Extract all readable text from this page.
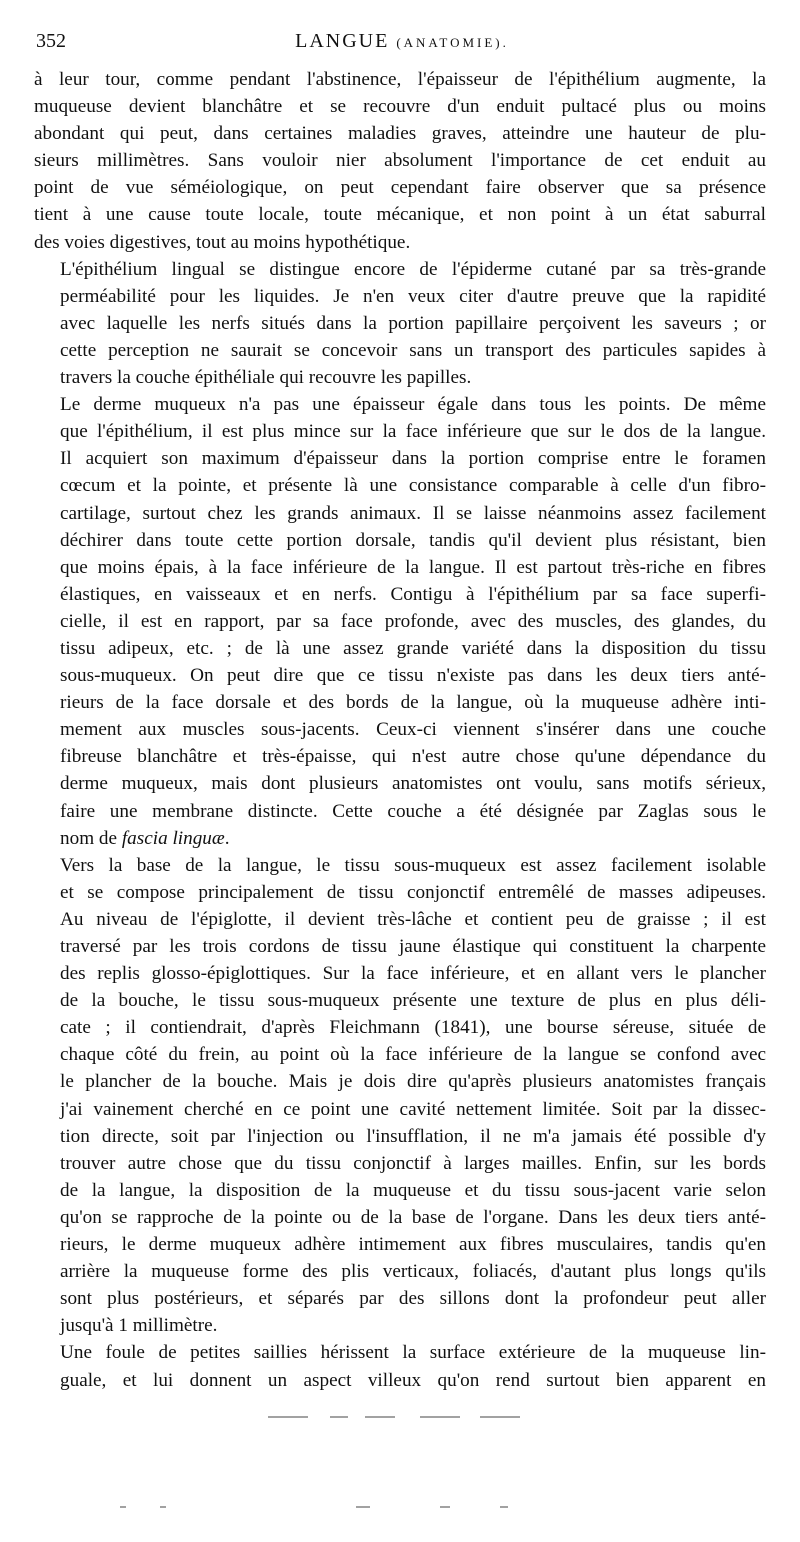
352	LANGUE (ANATOMIE).

à leur tour, comme pendant l'abstinence, l'épaisseur de l'épithélium augmente, la
muqueuse devient blanchâtre et se recouvre d'un enduit pultacé plus ou moins
abondant qui peut, dans certaines maladies graves, atteindre une hauteur de plu-
sieurs millimètres. Sans vouloir nier absolument l'importance de cet enduit au
point de vue séméiologique, on peut cependant faire observer que sa présence
tient à une cause toute locale, toute mécanique, et non point à un état saburral
des voies digestives, tout au moins hypothétique.

L'épithélium lingual se distingue encore de l'épiderme cutané par sa très-grande
perméabilité pour les liquides. Je n'en veux citer d'autre preuve que la rapidité
avec laquelle les nerfs situés dans la portion papillaire perçoivent les saveurs ; or
cette perception ne saurait se concevoir sans un transport des particules sapides à
travers la couche épithéliale qui recouvre les papilles.

Le derme muqueux n'a pas une épaisseur égale dans tous les points. De même
que l'épithélium, il est plus mince sur la face inférieure que sur le dos de la langue.
Il acquiert son maximum d'épaisseur dans la portion comprise entre le foramen
cœcum et la pointe, et présente là une consistance comparable à celle d'un fibro-
cartilage, surtout chez les grands animaux. Il se laisse néanmoins assez facilement
déchirer dans toute cette portion dorsale, tandis qu'il devient plus résistant, bien
que moins épais, à la face inférieure de la langue. Il est partout très-riche en fibres
élastiques, en vaisseaux et en nerfs. Contigu à l'épithélium par sa face superfi-
cielle, il est en rapport, par sa face profonde, avec des muscles, des glandes, du
tissu adipeux, etc. ; de là une assez grande variété dans la disposition du tissu
sous-muqueux. On peut dire que ce tissu n'existe pas dans les deux tiers anté-
rieurs de la face dorsale et des bords de la langue, où la muqueuse adhère inti-
mement aux muscles sous-jacents. Ceux-ci viennent s'insérer dans une couche
fibreuse blanchâtre et très-épaisse, qui n'est autre chose qu'une dépendance du
derme muqueux, mais dont plusieurs anatomistes ont voulu, sans motifs sérieux,
faire une membrane distincte. Cette couche a été désignée par Zaglas sous le
nom de fascia linguæ.

Vers la base de la langue, le tissu sous-muqueux est assez facilement isolable
et se compose principalement de tissu conjonctif entremêlé de masses adipeuses.
Au niveau de l'épiglotte, il devient très-lâche et contient peu de graisse ; il est
traversé par les trois cordons de tissu jaune élastique qui constituent la charpente
des replis glosso-épiglottiques. Sur la face inférieure, et en allant vers le plancher
de la bouche, le tissu sous-muqueux présente une texture de plus en plus déli-
cate ; il contiendrait, d'après Fleichmann (1841), une bourse séreuse, située de
chaque côté du frein, au point où la face inférieure de la langue se confond avec
le plancher de la bouche. Mais je dois dire qu'après plusieurs anatomistes français
j'ai vainement cherché en ce point une cavité nettement limitée. Soit par la dissec-
tion directe, soit par l'injection ou l'insufflation, il ne m'a jamais été possible d'y
trouver autre chose que du tissu conjonctif à larges mailles. Enfin, sur les bords
de la langue, la disposition de la muqueuse et du tissu sous-jacent varie selon
qu'on se rapproche de la pointe ou de la base de l'organe. Dans les deux tiers anté-
rieurs, le derme muqueux adhère intimement aux fibres musculaires, tandis qu'en
arrière la muqueuse forme des plis verticaux, foliacés, d'autant plus longs qu'ils
sont plus postérieurs, et séparés par des sillons dont la profondeur peut aller
jusqu'à 1 millimètre.

Une foule de petites saillies hérissent la surface extérieure de la muqueuse lin-
guale, et lui donnent un aspect villeux qu'on rend surtout bien apparent en
